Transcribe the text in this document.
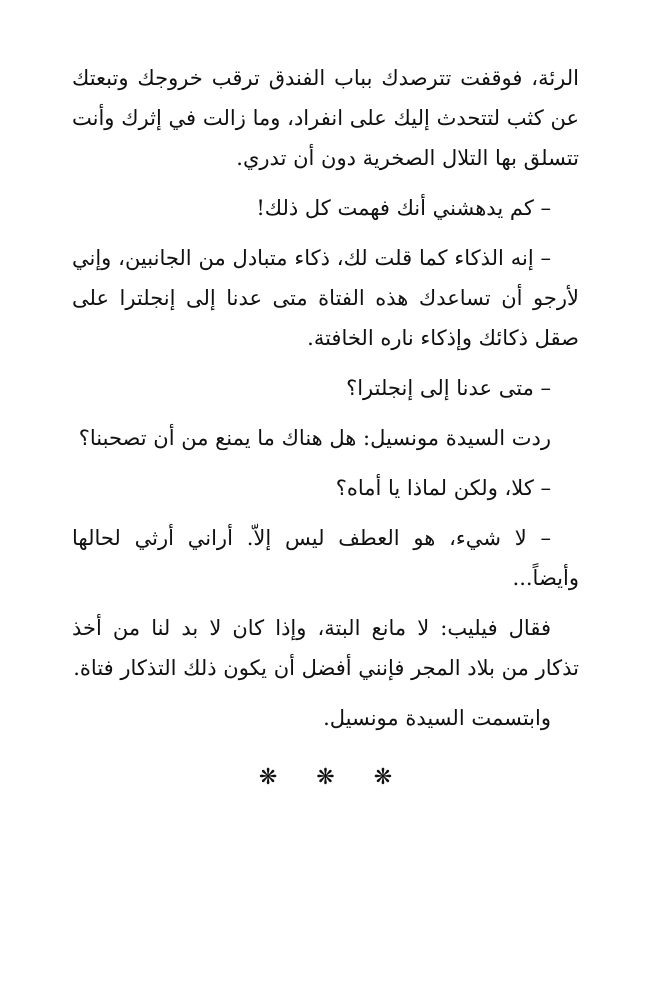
الرئة، فوقفت تترصدك بباب الفندق ترقب خروجك وتبعتك عن كثب لتتحدث إليك على انفراد، وما زالت في إثرك وأنت تتسلق بها التلال الصخرية دون أن تدري.

– كم يدهشني أنك فهمت كل ذلك!

– إنه الذكاء كما قلت لك، ذكاء متبادل من الجانبين، وإني لأرجو أن تساعدك هذه الفتاة متى عدنا إلى إنجلترا على صقل ذكائك وإذكاء ناره الخافتة.

– متى عدنا إلى إنجلترا؟

ردت السيدة مونسيل: هل هناك ما يمنع من أن تصحبنا؟

– كلا، ولكن لماذا يا أماه؟

– لا شيء، هو العطف ليس إلاّ. أراني أرثي لحالها وأيضاً...

فقال فيليب: لا مانع البتة، وإذا كان لا بد لنا من أخذ تذكار من بلاد المجر فإنني أفضل أن يكون ذلك التذكار فتاة.

وابتسمت السيدة مونسيل.

❋ ❋ ❋
